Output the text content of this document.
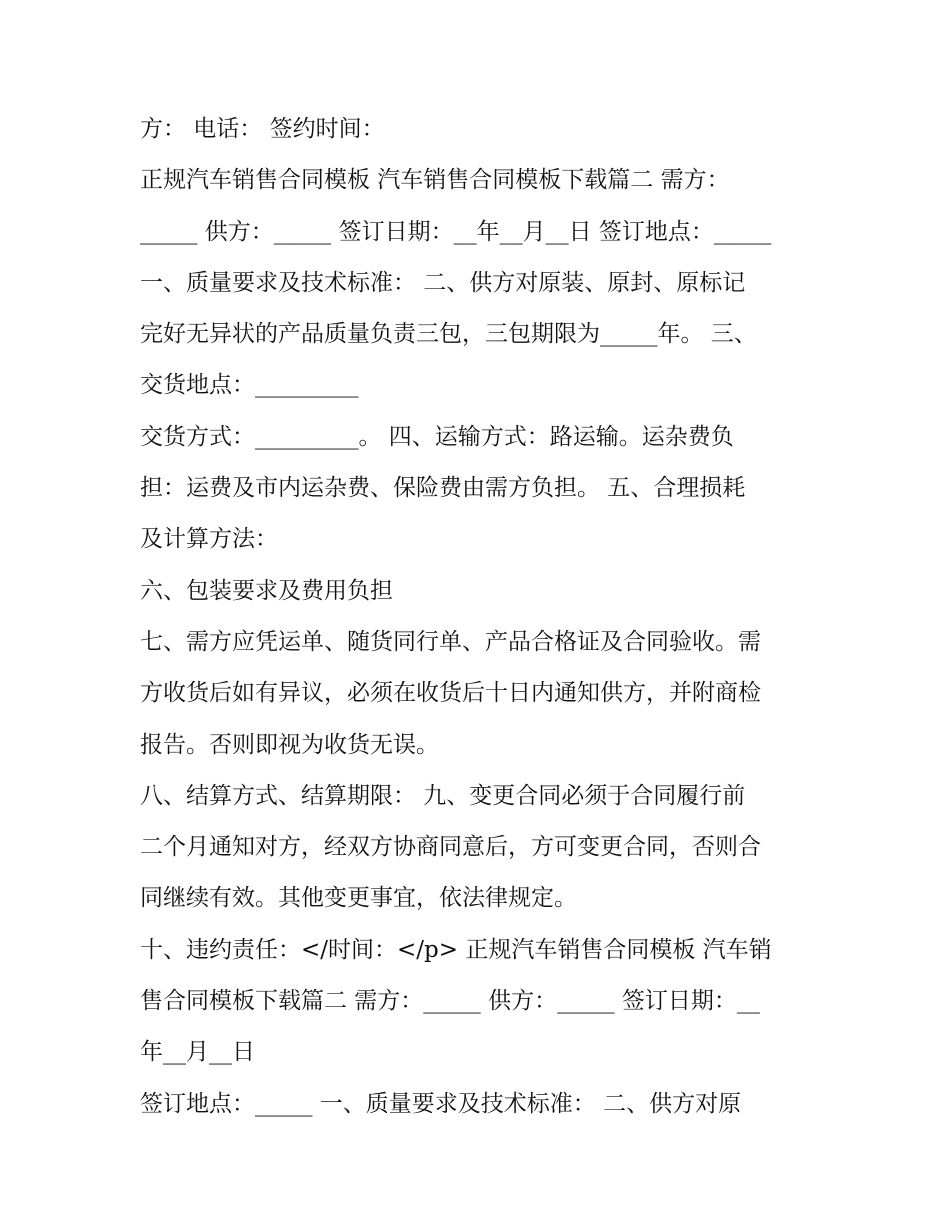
方： 电话： 签约时间：
正规汽车销售合同模板 汽车销售合同模板下载篇二 需方：
_____ 供方：_____ 签订日期：__年__月__日 签订地点：_____
一、质量要求及技术标准： 二、供方对原装、原封、原标记
完好无异状的产品质量负责三包，三包期限为_____年。 三、
交货地点：_________
交货方式：_________。 四、运输方式：路运输。运杂费负
担：运费及市内运杂费、保险费由需方负担。 五、合理损耗
及计算方法：
六、包装要求及费用负担
七、需方应凭运单、随货同行单、产品合格证及合同验收。需
方收货后如有异议，必须在收货后十日内通知供方，并附商检
报告。否则即视为收货无误。
八、结算方式、结算期限： 九、变更合同必须于合同履行前
二个月通知对方，经双方协商同意后，方可变更合同，否则合
同继续有效。其他变更事宜，依法律规定。
十、违约责任：</时间：</p> 正规汽车销售合同模板 汽车销
售合同模板下载篇二 需方：_____ 供方：_____ 签订日期：__
年__月__日
签订地点：_____ 一、质量要求及技术标准： 二、供方对原
